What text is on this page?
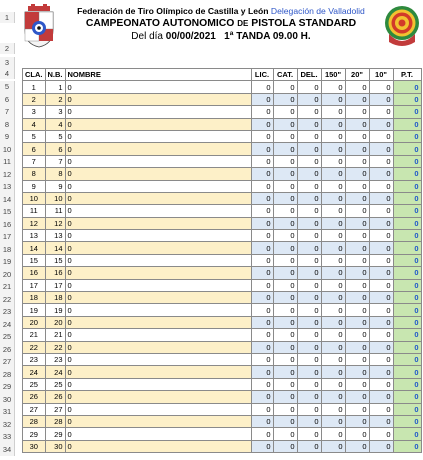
1
2
3
4
5
6
7
8
9
10
11
12
13
14
15
16
17
18
19
20
21
22
23
24
25
26
27
28
29
30
31
32
33
34
Federación de Tiro Olímpico de Castilla y León Delegación de Valladolid
CAMPEONATO AUTONOMICO DE PISTOLA STANDARD
Del día 00/00/2021 1ª TANDA 09.00 H.
CLA.	N.B.	NOMBRE	LIC.	CAT.	DEL.	150"	20"	10"	P.T.
1	1	0	0	0	0	0	0	0	0
2	2	0	0	0	0	0	0	0	0
3	3	0	0	0	0	0	0	0	0
4	4	0	0	0	0	0	0	0	0
5	5	0	0	0	0	0	0	0	0
6	6	0	0	0	0	0	0	0	0
7	7	0	0	0	0	0	0	0	0
8	8	0	0	0	0	0	0	0	0
9	9	0	0	0	0	0	0	0	0
10	10	0	0	0	0	0	0	0	0
11	11	0	0	0	0	0	0	0	0
12	12	0	0	0	0	0	0	0	0
13	13	0	0	0	0	0	0	0	0
14	14	0	0	0	0	0	0	0	0
15	15	0	0	0	0	0	0	0	0
16	16	0	0	0	0	0	0	0	0
17	17	0	0	0	0	0	0	0	0
18	18	0	0	0	0	0	0	0	0
19	19	0	0	0	0	0	0	0	0
20	20	0	0	0	0	0	0	0	0
21	21	0	0	0	0	0	0	0	0
22	22	0	0	0	0	0	0	0	0
23	23	0	0	0	0	0	0	0	0
24	24	0	0	0	0	0	0	0	0
25	25	0	0	0	0	0	0	0	0
26	26	0	0	0	0	0	0	0	0
27	27	0	0	0	0	0	0	0	0
28	28	0	0	0	0	0	0	0	0
29	29	0	0	0	0	0	0	0	0
30	30	0	0	0	0	0	0	0	0
